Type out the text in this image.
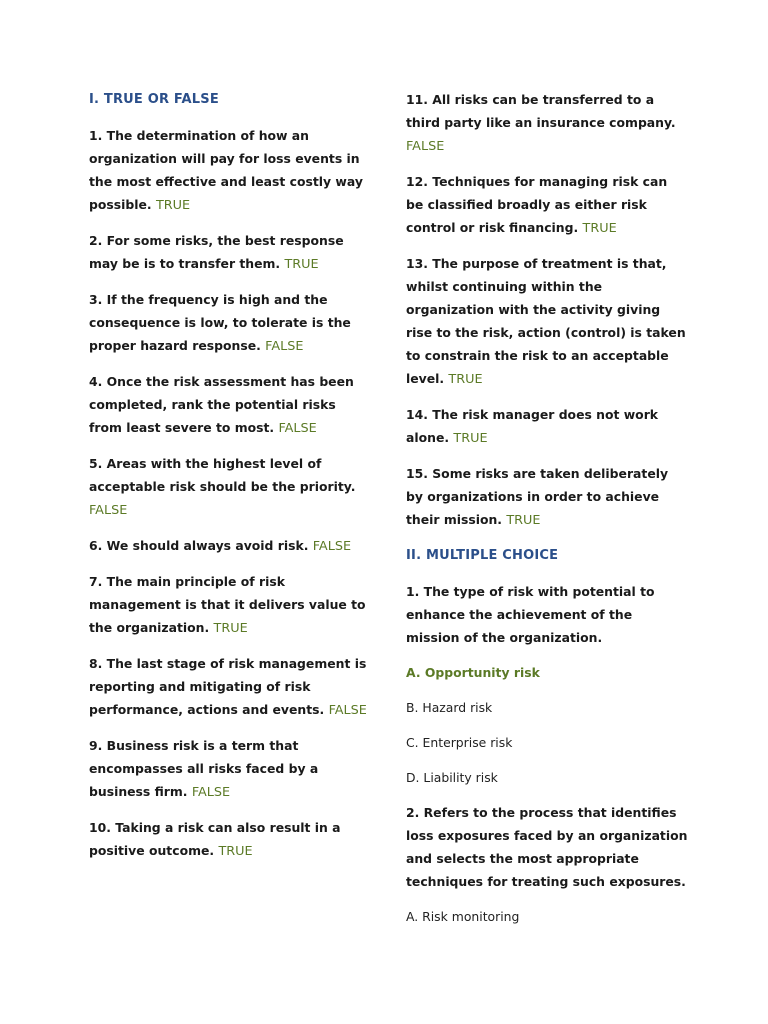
I. TRUE OR FALSE
1. The determination of how an organization will pay for loss events in the most effective and least costly way possible. TRUE
2. For some risks, the best response may be is to transfer them. TRUE
3. If the frequency is high and the consequence is low, to tolerate is the proper hazard response. FALSE
4. Once the risk assessment has been completed, rank the potential risks from least severe to most. FALSE
5. Areas with the highest level of acceptable risk should be the priority. FALSE
6. We should always avoid risk. FALSE
7. The main principle of risk management is that it delivers value to the organization. TRUE
8. The last stage of risk management is reporting and mitigating of risk performance, actions and events. FALSE
9. Business risk is a term that encompasses all risks faced by a business firm. FALSE
10. Taking a risk can also result in a positive outcome. TRUE
11. All risks can be transferred to a third party like an insurance company. FALSE
12. Techniques for managing risk can be classified broadly as either risk control or risk financing. TRUE
13. The purpose of treatment is that, whilst continuing within the organization with the activity giving rise to the risk, action (control) is taken to constrain the risk to an acceptable level. TRUE
14. The risk manager does not work alone. TRUE
15. Some risks are taken deliberately by organizations in order to achieve their mission. TRUE
II. MULTIPLE CHOICE
1. The type of risk with potential to enhance the achievement of the mission of the organization.
A. Opportunity risk
B. Hazard risk
C. Enterprise risk
D. Liability risk
2. Refers to the process that identifies loss exposures faced by an organization and selects the most appropriate techniques for treating such exposures.
A. Risk monitoring
